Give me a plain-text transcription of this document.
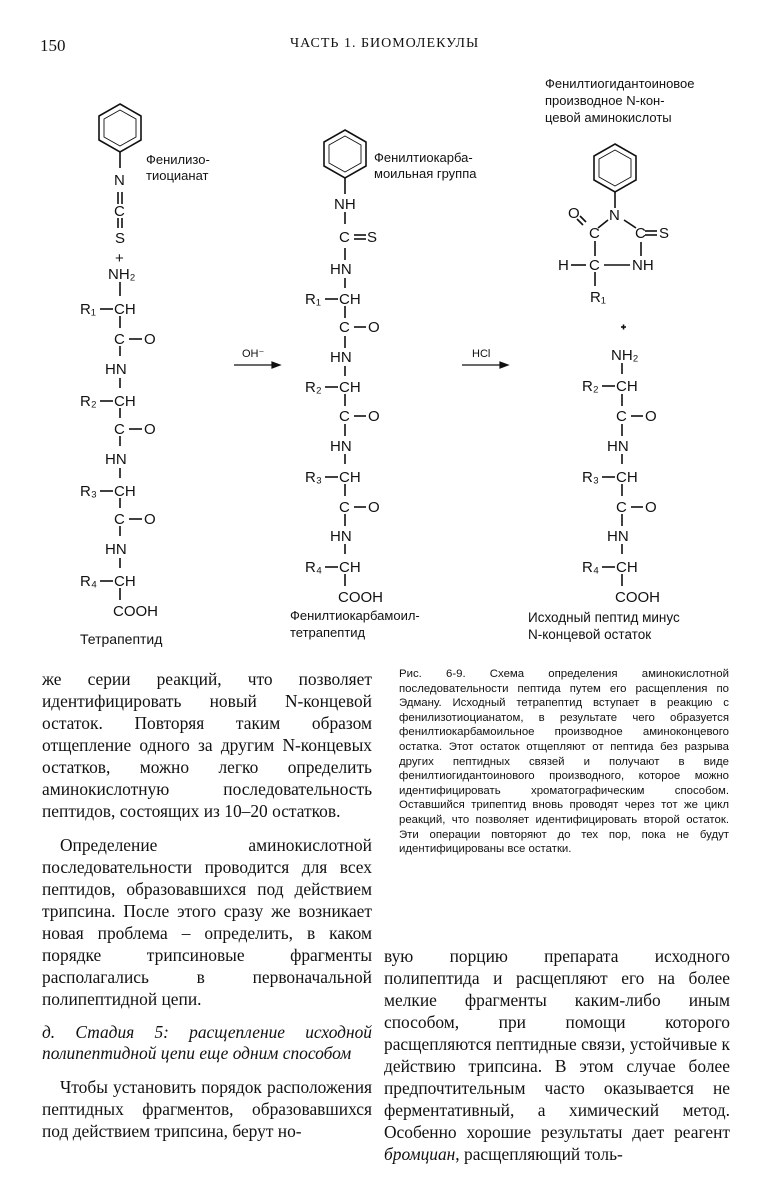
150	ЧАСТЬ 1. БИОМОЛЕКУЛЫ
Фенилизо-тиоцианат
N
C
S
+
NH₂
R₁ CH
C O
HN
R₂ CH
C O
HN
R₃ CH
C O
HN
R₄ CH
COOH
Тетрапептид
OH⁻	HCl
Фенилтиокарба-моильная группа
NH
C S
HN
R₁ CH
C O
HN
R₂ CH
C O
HN
R₃ CH
C O
HN
R₄ CH
COOH
Фенилтиокарбамоил-тетрапептид
Фенилтиогидантоиновое производное N-кон-цевой аминокислоты
N
O
C C S
H C NH
R₁
NH₂
R₂ CH
C O
HN
R₃ CH
C O
HN
R₄ CH
COOH
Исходный пептид минус N-концевой остаток

же серии реакций, что позволяет идентифицировать новый N-концевой остаток. Повторяя таким образом отщепление одного за другим N-концевых остатков, можно легко определить аминокислотную последовательность пептидов, состоящих из 10–20 остатков.

Определение аминокислотной последовательности проводится для всех пептидов, образовавшихся под действием трипсина. После этого сразу же возникает новая проблема – определить, в каком порядке трипсиновые фрагменты располагались в первоначальной полипептидной цепи.

д. Стадия 5: расщепление исходной полипептидной цепи еще одним способом

Чтобы установить порядок расположения пептидных фрагментов, образовавшихся под действием трипсина, берут но-

Рис. 6-9. Схема определения аминокислотной последовательности пептида путем его расщепления по Эдману. Исходный тетрапептид вступает в реакцию с фенилизотиоцианатом, в результате чего образуется фенилтиокарбамоильное производное аминоконцевого остатка. Этот остаток отщепляют от пептида без разрыва других пептидных связей и получают в виде фенилтиогидантоинового производного, которое можно идентифицировать хроматографическим способом. Оставшийся трипептид вновь проводят через тот же цикл реакций, что позволяет идентифицировать второй остаток. Эти операции повторяют до тех пор, пока не будут идентифицированы все остатки.

вую порцию препарата исходного полипептида и расщепляют его на более мелкие фрагменты каким-либо иным способом, при помощи которого расщепляются пептидные связи, устойчивые к действию трипсина. В этом случае более предпочтительным часто оказывается не ферментативный, а химический метод. Особенно хорошие результаты дает реагент бромциан, расщепляющий толь-
